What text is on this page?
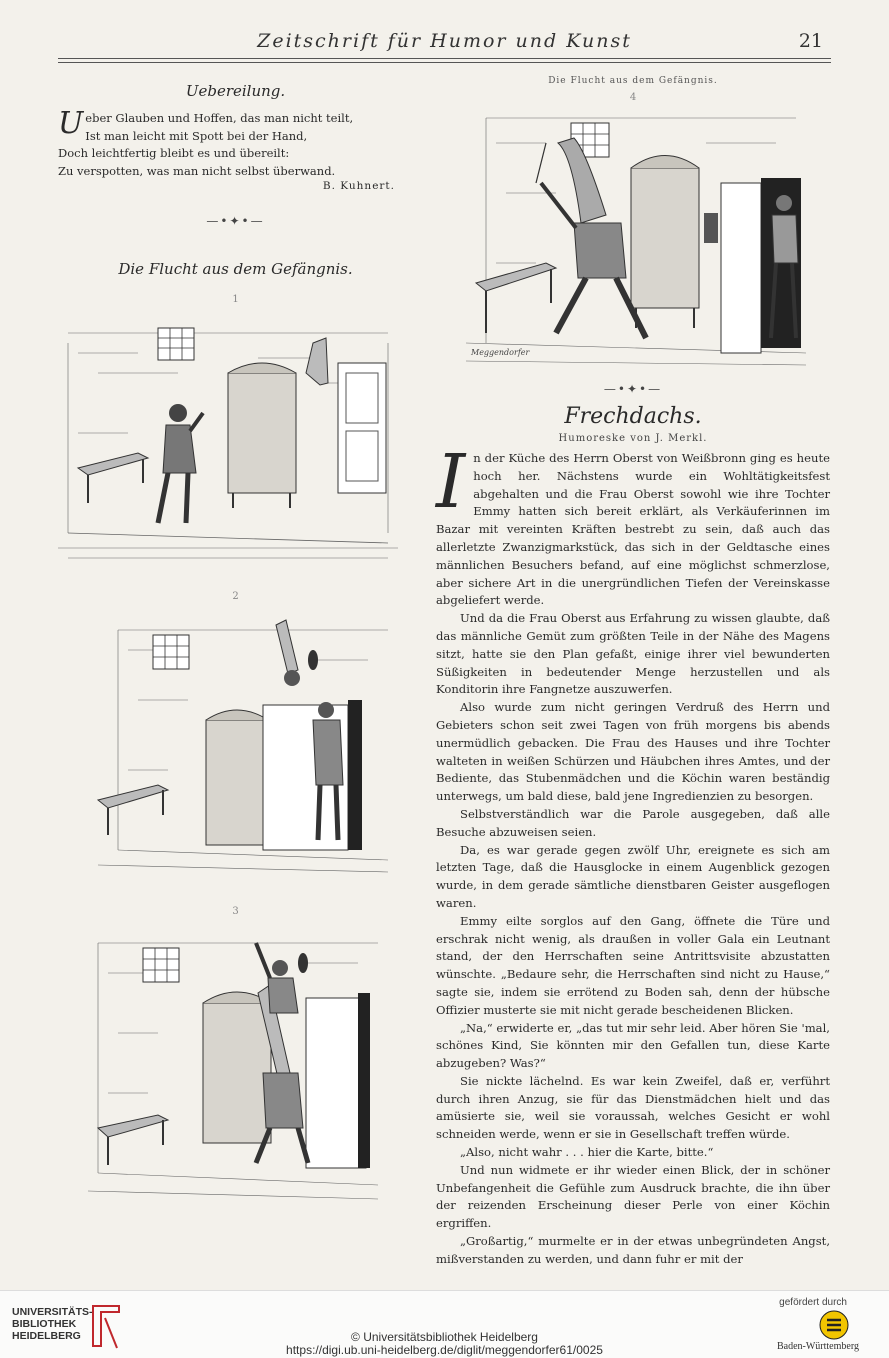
Zeitschrift für Humor und Kunst	21
Uebereilung.
Ueber Glauben und Hoffen, das man nicht teilt,
Ist man leicht mit Spott bei der Hand,
Doch leichtfertig bleibt es und übereilt:
Zu verspotten, was man nicht selbst überwand.
B. Kuhnert.
—•✦•—
Die Flucht aus dem Gefängnis.
1
2
3
Die Flucht aus dem Gefängnis.
4
Meggendorfer
—•✦•—
Frechdachs.
Humoreske von J. Merkl.

In der Küche des Herrn Oberst von Weißbronn ging es heute hoch her. Nächstens wurde ein Wohltätigkeitsfest abgehalten und die Frau Oberst sowohl wie ihre Tochter Emmy hatten sich bereit erklärt, als Verkäuferinnen im Bazar mit vereinten Kräften bestrebt zu sein, daß auch das allerletzte Zwanzigmarkstück, das sich in der Geldtasche eines männlichen Besuchers befand, auf eine möglichst schmerzlose, aber sichere Art in die unergründlichen Tiefen der Vereinskasse abgeliefert werde.

Und da die Frau Oberst aus Erfahrung zu wissen glaubte, daß das männliche Gemüt zum größten Teile in der Nähe des Magens sitzt, hatte sie den Plan gefaßt, einige ihrer viel bewunderten Süßigkeiten in bedeutender Menge herzustellen und als Konditorin ihre Fangnetze auszuwerfen.

Also wurde zum nicht geringen Verdruß des Herrn und Gebieters schon seit zwei Tagen von früh morgens bis abends unermüdlich gebacken. Die Frau des Hauses und ihre Tochter walteten in weißen Schürzen und Häubchen ihres Amtes, und der Bediente, das Stubenmädchen und die Köchin waren beständig unterwegs, um bald diese, bald jene Ingredienzien zu besorgen.

Selbstverständlich war die Parole ausgegeben, daß alle Besuche abzuweisen seien.

Da, es war gerade gegen zwölf Uhr, ereignete es sich am letzten Tage, daß die Hausglocke in einem Augenblick gezogen wurde, in dem gerade sämtliche dienstbaren Geister ausgeflogen waren.

Emmy eilte sorglos auf den Gang, öffnete die Türe und erschrak nicht wenig, als draußen in voller Gala ein Leutnant stand, der den Herrschaften seine Antrittsvisite abzustatten wünschte. „Bedaure sehr, die Herrschaften sind nicht zu Hause,“ sagte sie, indem sie errötend zu Boden sah, denn der hübsche Offizier musterte sie mit nicht gerade bescheidenen Blicken.

„Na,“ erwiderte er, „das tut mir sehr leid. Aber hören Sie 'mal, schönes Kind, Sie könnten mir den Gefallen tun, diese Karte abzugeben? Was?“

Sie nickte lächelnd. Es war kein Zweifel, daß er, verführt durch ihren Anzug, sie für das Dienstmädchen hielt und das amüsierte sie, weil sie voraussah, welches Gesicht er wohl schneiden werde, wenn er sie in Gesellschaft treffen würde.

„Also, nicht wahr . . . hier die Karte, bitte.“

Und nun widmete er ihr wieder einen Blick, der in schöner Unbefangenheit die Gefühle zum Ausdruck brachte, die ihn über der reizenden Erscheinung dieser Perle von einer Köchin ergriffen.

„Großartig,“ murmelte er in der etwas unbegründeten Angst, mißverstanden zu werden, und dann fuhr er mit der

UNIVERSITÄTS-
BIBLIOTHEK
HEIDELBERG	© Universitätsbibliothek Heidelberg
https://digi.ub.uni-heidelberg.de/diglit/meggendorfer61/0025
gefördert durch
Baden-Württemberg
